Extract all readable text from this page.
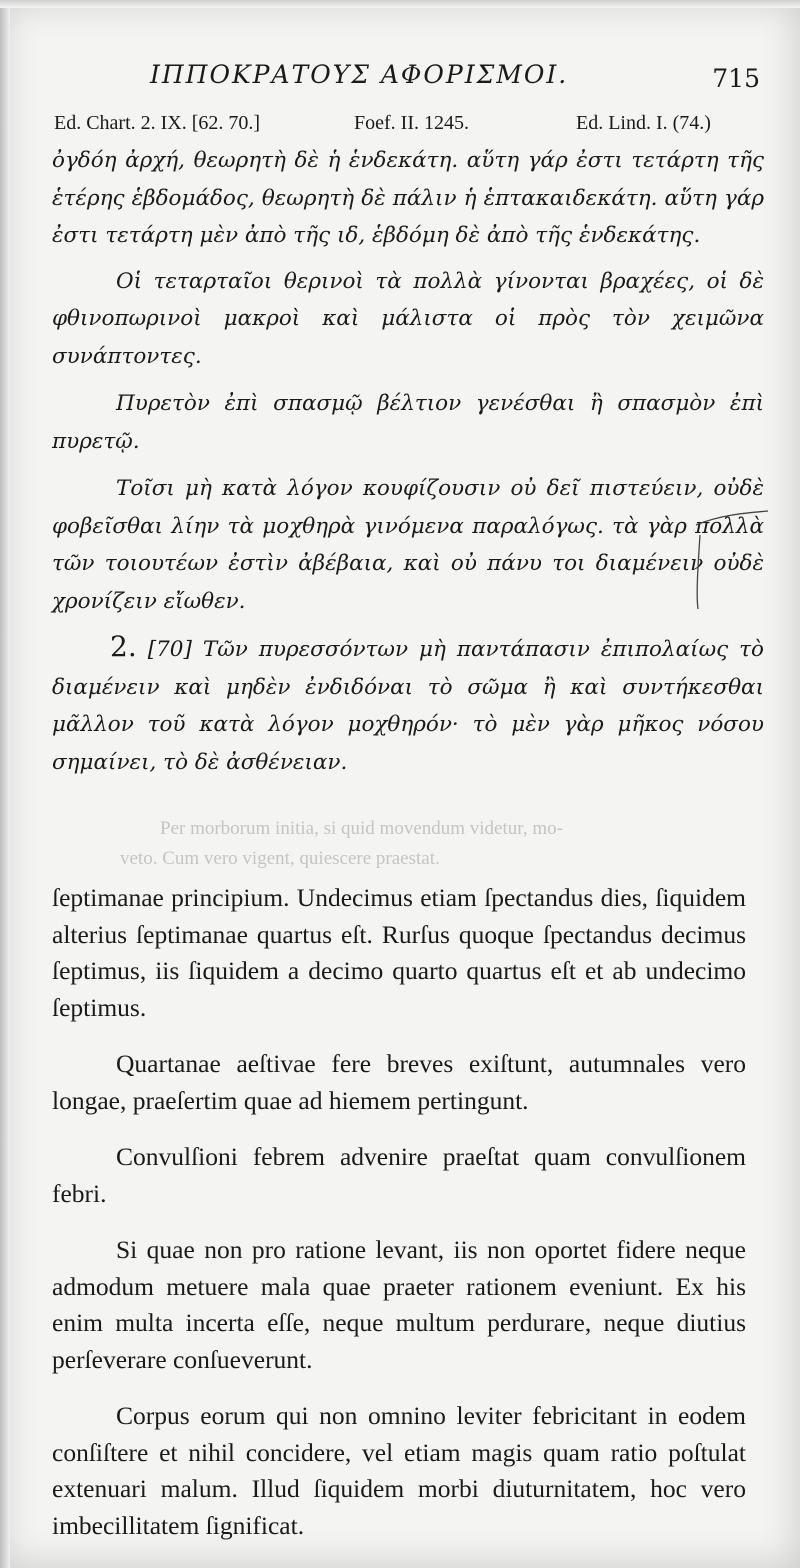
ΙΠΠΟΚΡΑΤΟΥΣ ΑΦΟΡΙΣΜΟΙ.	715
Ed. Chart. 2. IX. [62. 70.]	Foef. II. 1245.	Ed. Lind. I. (74.)

ὀγδόη ἀρχή, θεωρητὴ δὲ ἡ ἑνδεκάτη. αὕτη γάρ ἐστι τετάρτη τῆς ἑτέρης ἑβδομάδος, θεωρητὴ δὲ πάλιν ἡ ἑπτακαιδεκάτη. αὕτη γάρ ἐστι τετάρτη μὲν ἀπὸ τῆς ιδ, ἑβδόμη δὲ ἀπὸ τῆς ἑνδεκάτης.

Οἱ τεταρταῖοι θερινοὶ τὰ πολλὰ γίνονται βραχέες, οἱ δὲ φθινοπωρινοὶ μακροὶ καὶ μάλιστα οἱ πρὸς τὸν χειμῶνα συνάπτοντες.

Πυρετὸν ἐπὶ σπασμῷ βέλτιον γενέσθαι ἢ σπασμὸν ἐπὶ πυρετῷ.

Τοῖσι μὴ κατὰ λόγον κουφίζουσιν οὐ δεῖ πιστεύειν, οὐδὲ φοβεῖσθαι λίην τὰ μοχθηρὰ γινόμενα παραλόγως. τὰ γὰρ πολλὰ τῶν τοιουτέων ἐστὶν ἀβέβαια, καὶ οὐ πάνυ τοι διαμένειν οὐδὲ χρονίζειν εἴωθεν.

2. [70] Τῶν πυρεσσόντων μὴ παντάπασιν ἐπιπολαίως τὸ διαμένειν καὶ μηδὲν ἐνδιδόναι τὸ σῶμα ἢ καὶ συντήκεσθαι μᾶλλον τοῦ κατὰ λόγον μοχθηρόν· τὸ μὲν γὰρ μῆκος νόσου σημαίνει, τὸ δὲ ἀσθένειαν.

Per morborum initia, si quid movendum videtur, mo-
veto. Cum vero vigent, quiescere praestat.

ſeptimanae principium. Undecimus etiam ſpectandus dies, ſiquidem alterius ſeptimanae quartus eſt. Rurſus quoque ſpectandus decimus ſeptimus, iis ſiquidem a decimo quarto quartus eſt et ab undecimo ſeptimus.

Quartanae aeſtivae fere breves exiſtunt, autumnales vero longae, praeſertim quae ad hiemem pertingunt.

Convulſioni febrem advenire praeſtat quam convulſionem febri.

Si quae non pro ratione levant, iis non oportet fidere neque admodum metuere mala quae praeter rationem eveniunt. Ex his enim multa incerta eſſe, neque multum perdurare, neque diutius perſeverare conſueverunt.

Corpus eorum qui non omnino leviter febricitant in eodem conſiſtere et nihil concidere, vel etiam magis quam ratio poſtulat extenuari malum. Illud ſiquidem morbi diuturnitatem, hoc vero imbecillitatem ſignificat.
